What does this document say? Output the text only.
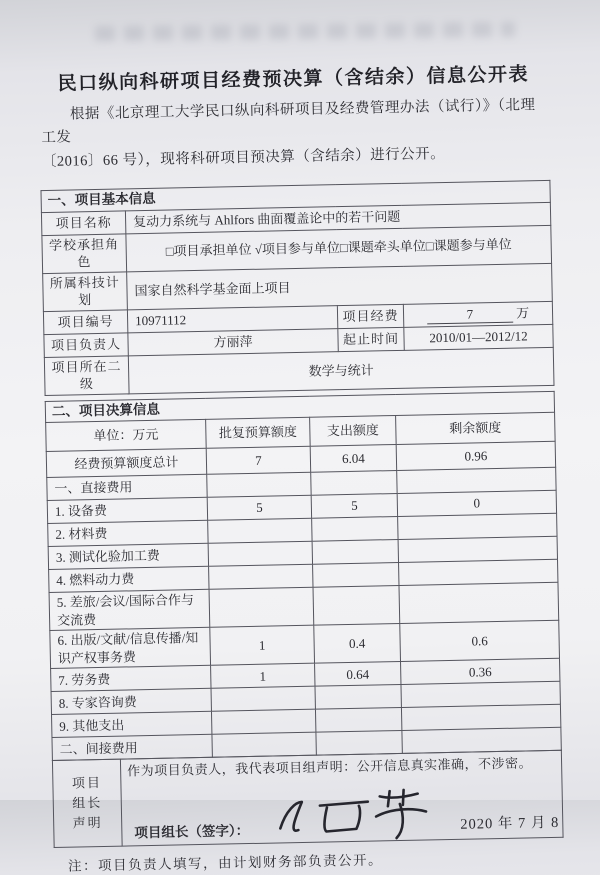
民口纵向科研项目经费预决算（含结余）信息公开表
根据《北京理工大学民口纵向科研项目及经费管理办法（试行）》（北理工发
〔2016〕66 号），现将科研项目预决算（含结余）进行公开。
一、项目基本信息			
项目名称	复动力系统与 Ahlfors 曲面覆盖论中的若干问题		
学校承担角色	□项目承担单位 √项目参与单位□课题牵头单位□课题参与单位		
所属科技计划	国家自然科学基金面上项目		
项目编号	10971112	项目经费	7 万
项目负责人	方丽萍	起止时间	2010/01—2012/12
项目所在二级	数学与统计		
二、项目决算信息			
单位：万元	批复预算额度	支出额度	剩余额度
经费预算额度总计	7	6.04	0.96
一、直接费用			
1. 设备费	5	5	0
2. 材料费			
3. 测试化验加工费			
4. 燃料动力费			
5. 差旅/会议/国际合作与交流费			
6. 出版/文献/信息传播/知识产权事务费	1	0.4	0.6
7. 劳务费	1	0.64	0.36
8. 专家咨询费			
9. 其他支出			
二、间接费用			
项目
组长
声明

作为项目负责人，我代表项目组声明：公开信息真实准确，不涉密。
项目组长（签字）：	2020 年 7 月 8
注：项目负责人填写，由计划财务部负责公开。
